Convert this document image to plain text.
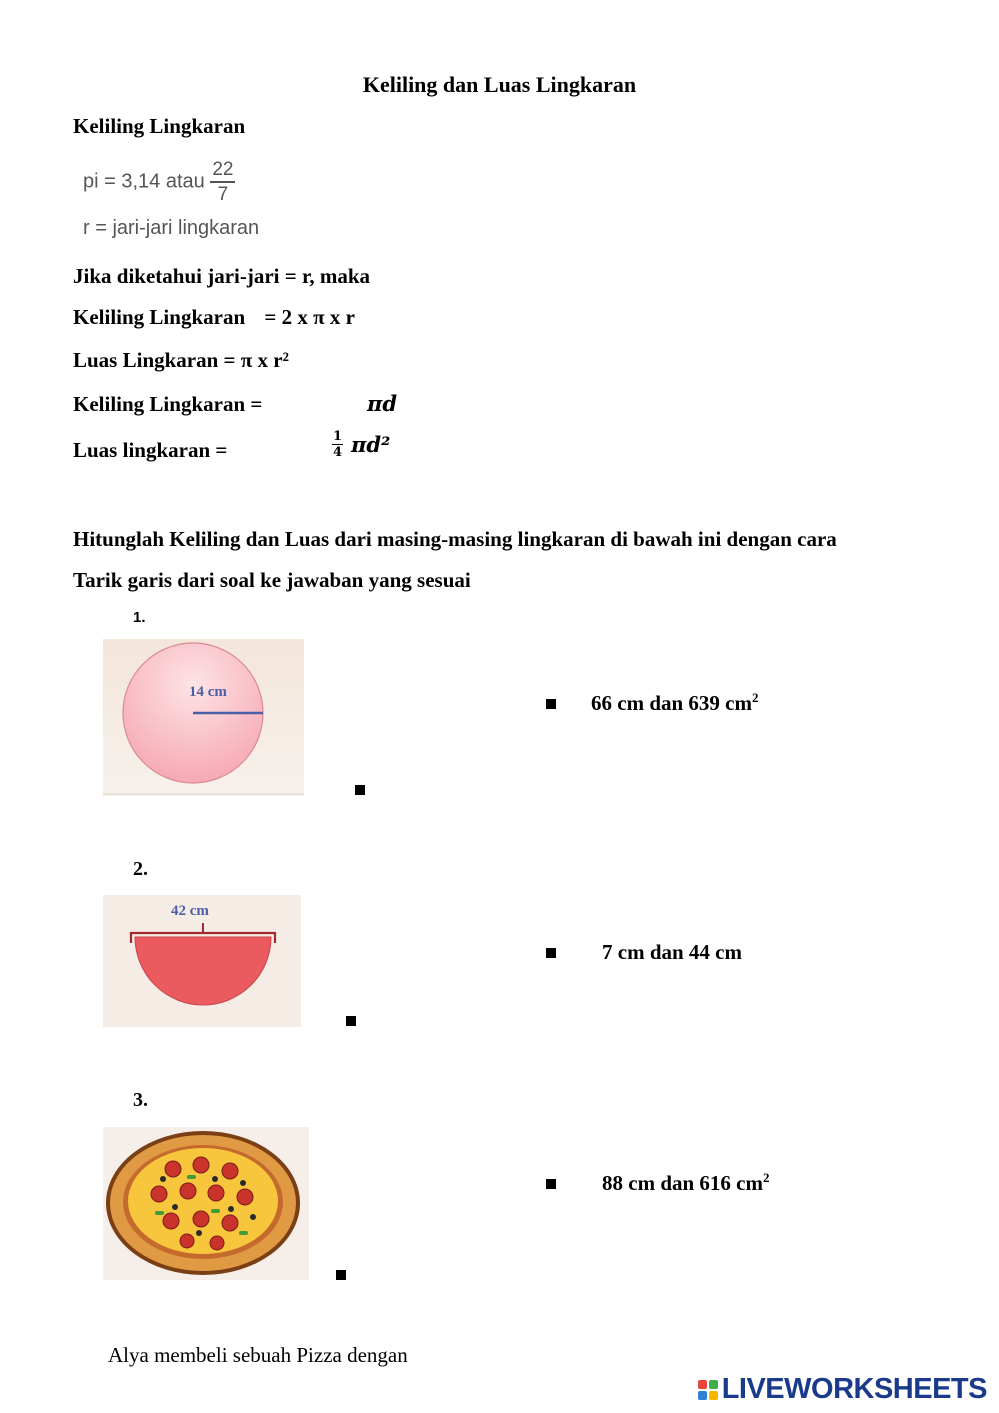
Keliling dan Luas Lingkaran
Keliling Lingkaran
pi = 3,14 atau $\frac{22}{7}$
r = jari-jari lingkaran
Jika diketahui jari-jari = r, maka
Keliling Lingkaran = 2 x π x r
Luas Lingkaran = π x r²
Keliling Lingkaran =	πd
Luas lingkaran =	$\frac{1}{4} \pi d^2$
Hitunglah Keliling dan Luas dari masing-masing lingkaran di bawah ini dengan cara
Tarik garis dari soal ke jawaban yang sesuai
1.
14 cm	66 cm dan 639 $cm^2$
2.
42 cm
7 cm dan 44 cm
3.
88 cm dan 616 $cm^2$
Alya membeli sebuah Pizza dengan
LIVEWORKSHEETS
